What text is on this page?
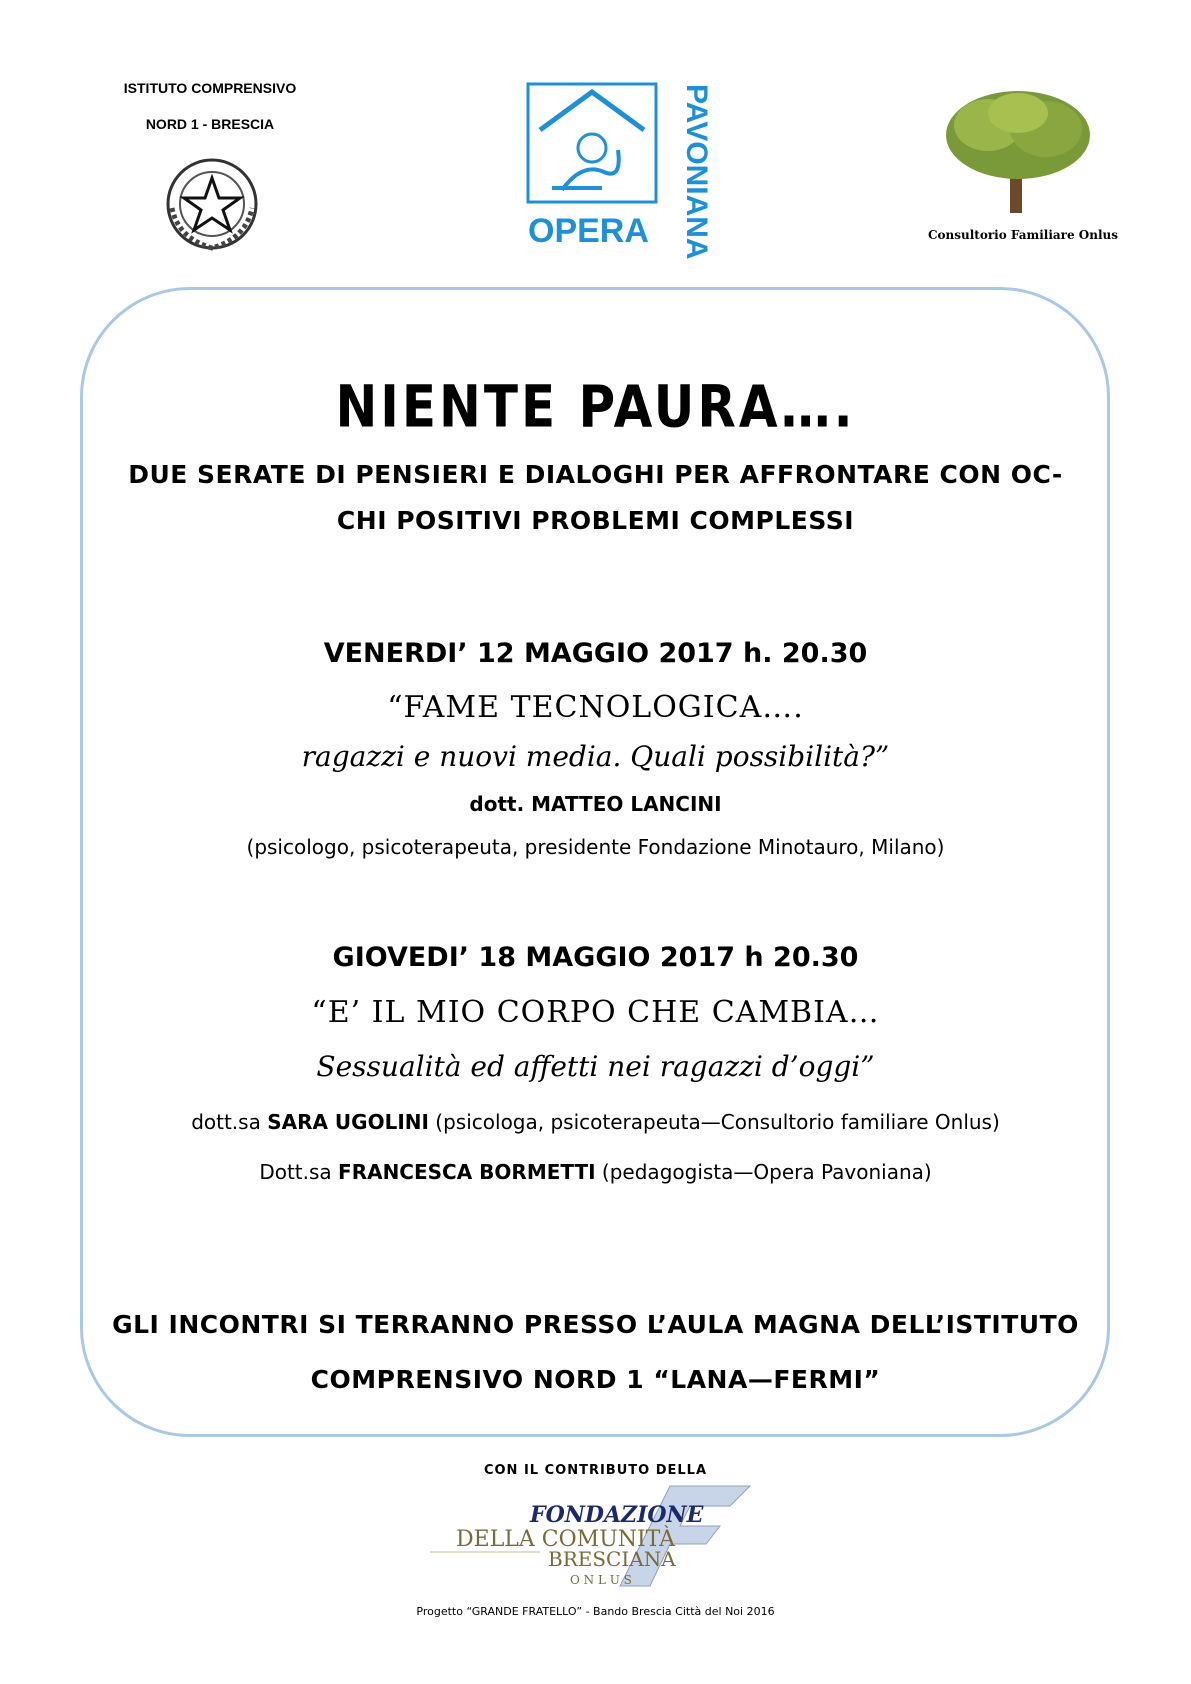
ISTITUTO COMPRENSIVO
NORD 1 - BRESCIA
OPERA PAVONIANA	Consultorio Familiare Onlus
NIENTE PAURA….
DUE SERATE DI PENSIERI E DIALOGHI PER AFFRONTARE CON OC-
CHI POSITIVI PROBLEMI COMPLESSI
VENERDI’ 12 MAGGIO 2017 h. 20.30
“FAME TECNOLOGICA….
ragazzi e nuovi media. Quali possibilità?”
dott. MATTEO LANCINI
(psicologo, psicoterapeuta, presidente Fondazione Minotauro, Milano)
GIOVEDI’ 18 MAGGIO 2017 h 20.30
“E’ IL MIO CORPO CHE CAMBIA…
Sessualità ed affetti nei ragazzi d’oggi”
dott.sa SARA UGOLINI (psicologa, psicoterapeuta—Consultorio familiare Onlus)
Dott.sa FRANCESCA BORMETTI (pedagogista—Opera Pavoniana)
GLI INCONTRI SI TERRANNO PRESSO L’AULA MAGNA DELL’ISTITUTO
COMPRENSIVO NORD 1 “LANA—FERMI”
CON IL CONTRIBUTO DELLA
FONDAZIONE
DELLA COMUNITÀ
BRESCIANA
O N L U S
Progetto “GRANDE FRATELLO” - Bando Brescia Città del Noi 2016
